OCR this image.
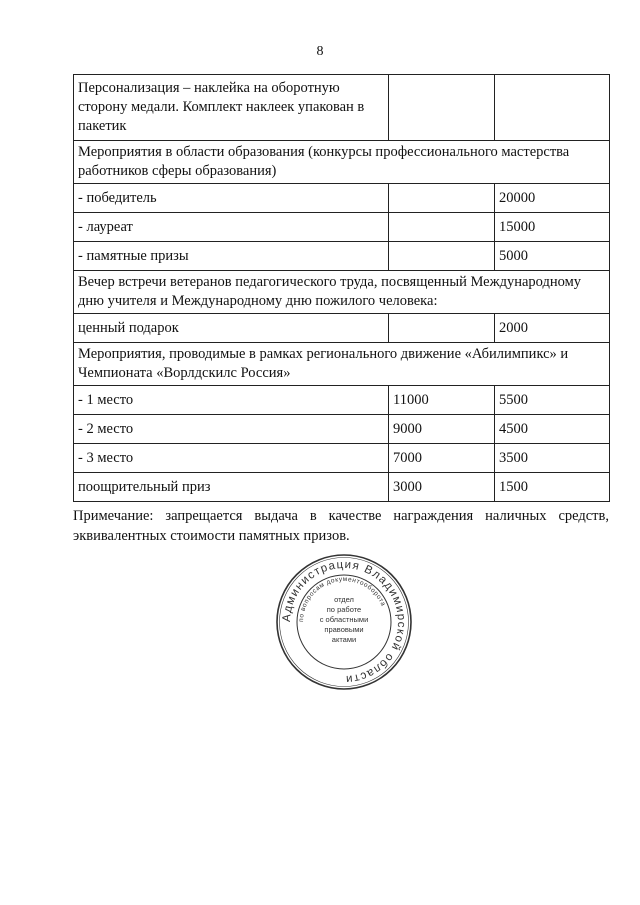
8
Персонализация – наклейка на оборотную сторону медали. Комплект наклеек упакован в пакетик		
Мероприятия в области образования (конкурсы профессионального мастерства работников сферы образования)		
- победитель		20000
- лауреат		15000
- памятные призы		5000
Вечер встречи ветеранов педагогического труда, посвященный Международному дню учителя и Международному дню пожилого человека:		
ценный подарок		2000
Мероприятия, проводимые в рамках регионального движение «Абилимпикс» и Чемпионата «Ворлдскилс Россия»		
- 1 место	11000	5500
- 2 место	9000	4500
- 3 место	7000	3500
поощрительный приз	3000	1500
Примечание: запрещается выдача в качестве награждения наличных средств, эквивалентных стоимости памятных призов.
Администрация Владимирской области
по вопросам документооборота
отдел
по работе
с областными
правовыми
актами
